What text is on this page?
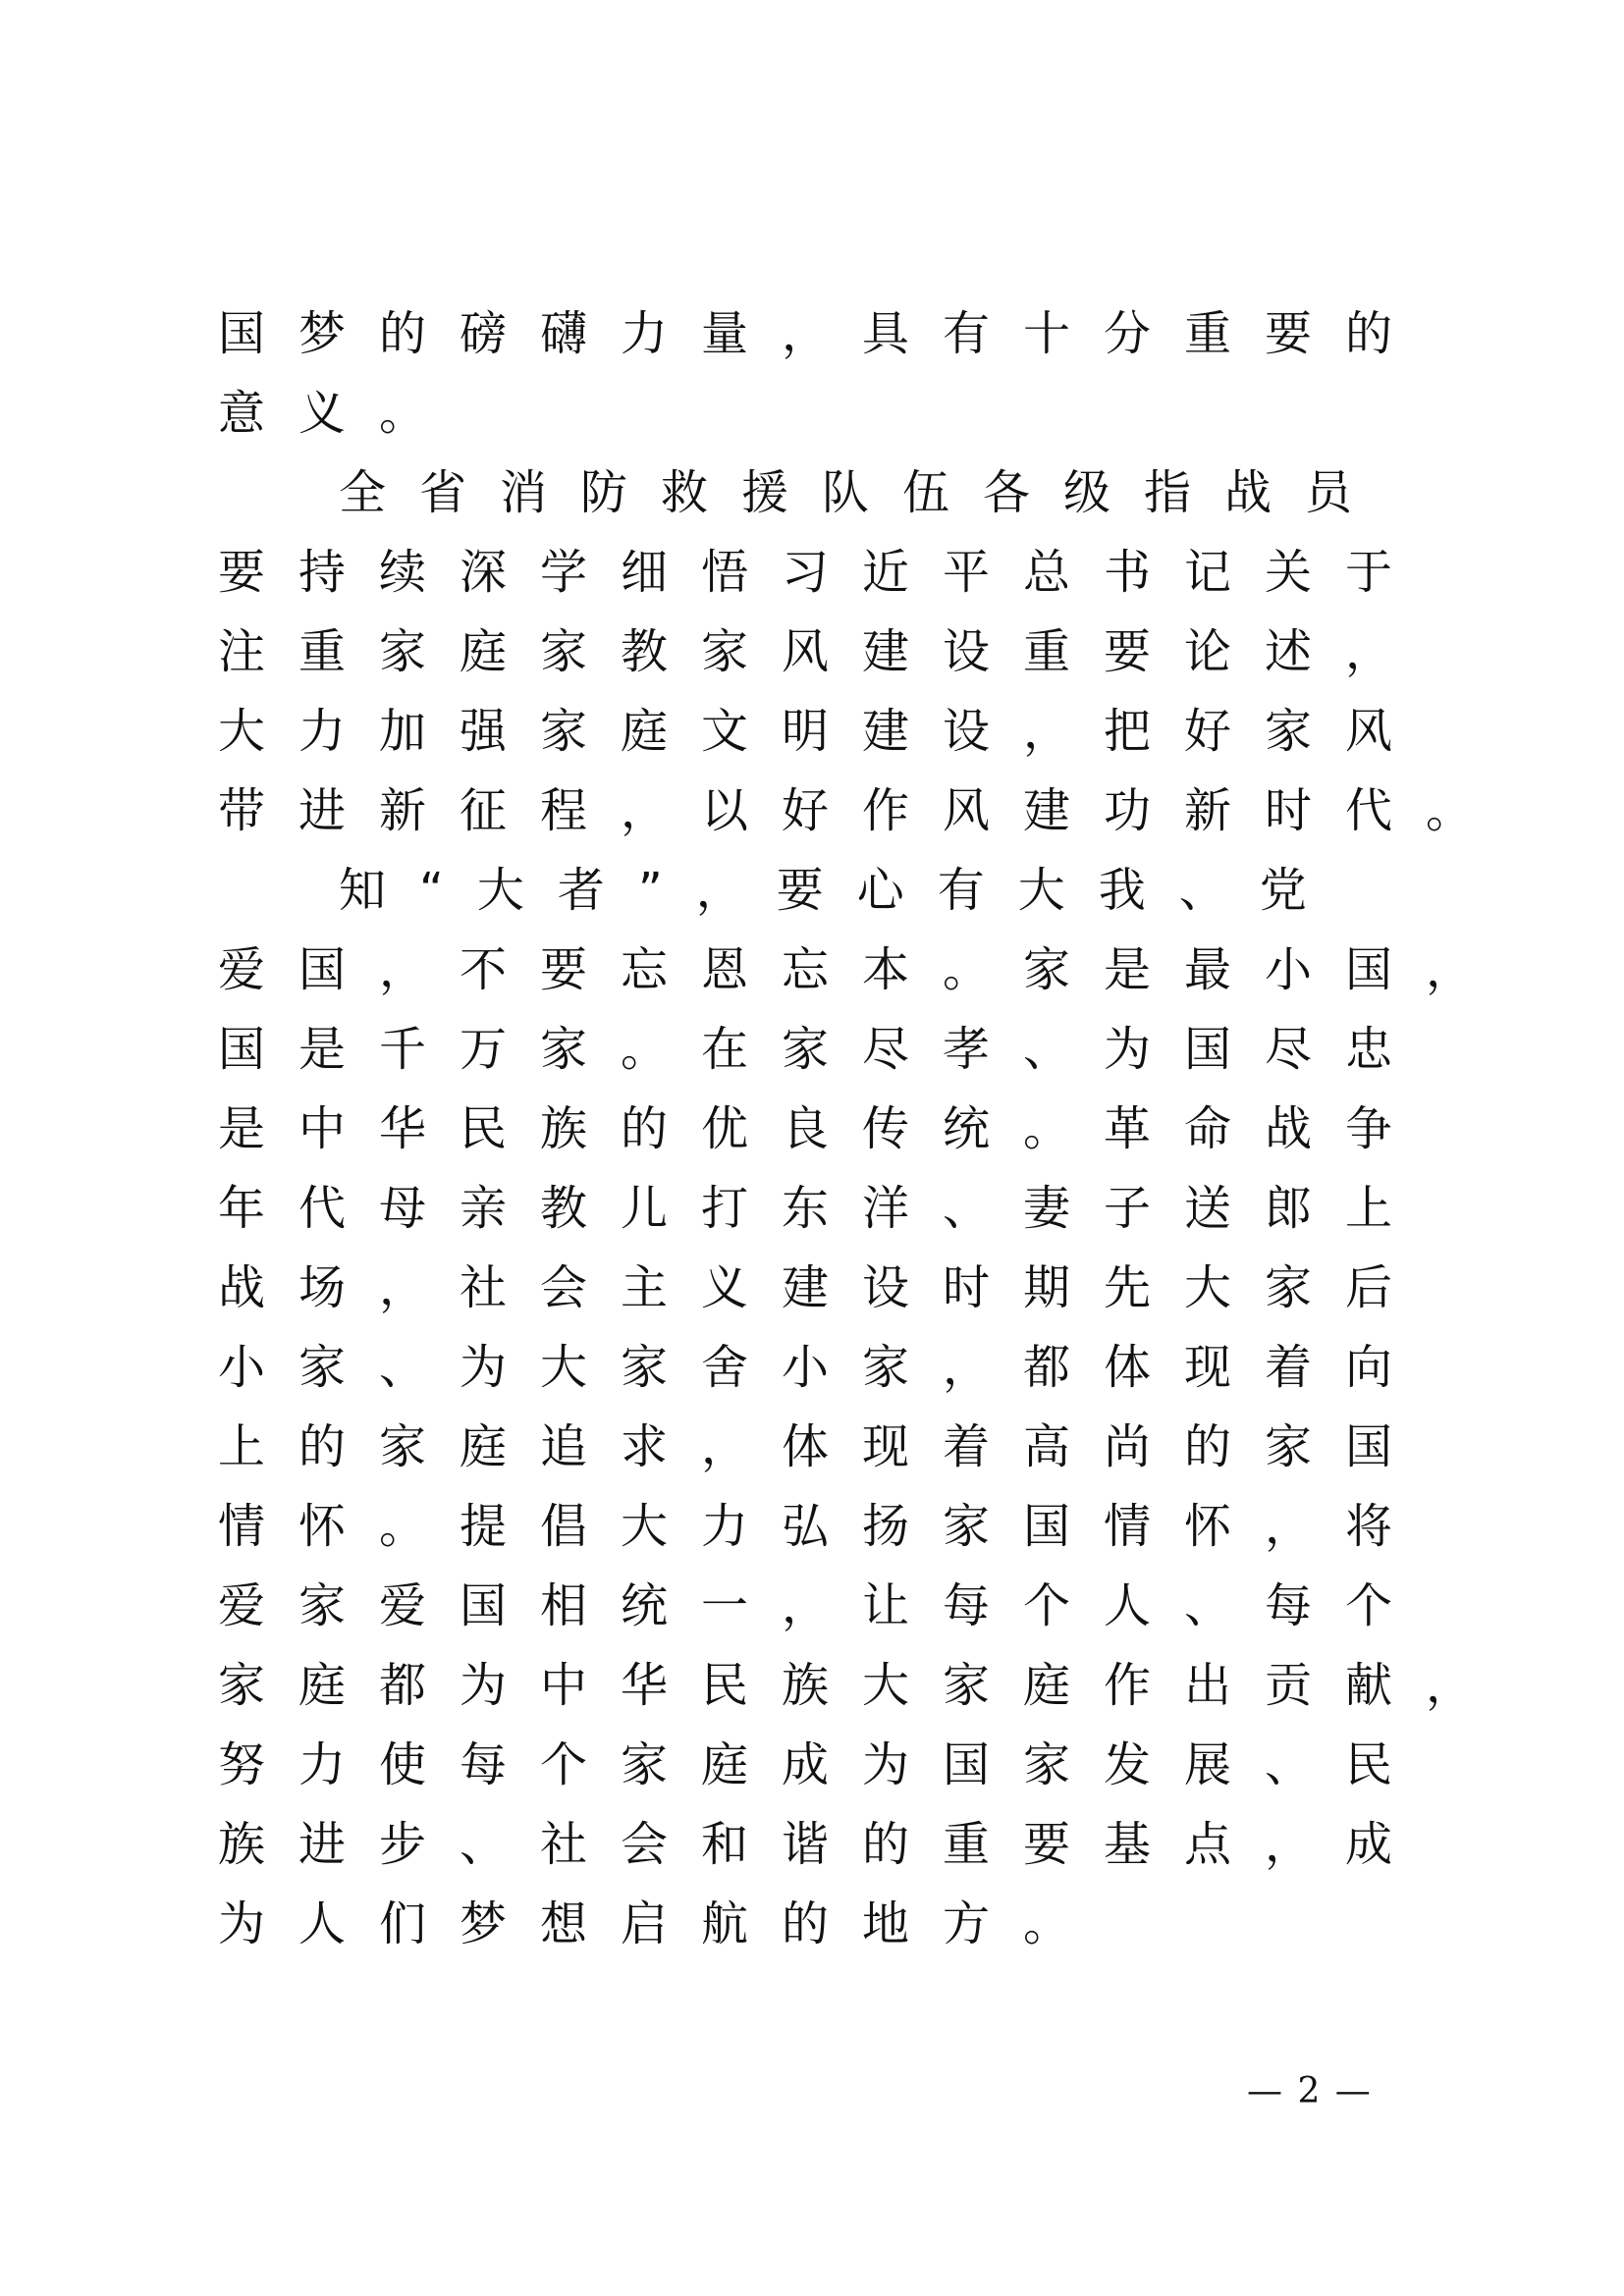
国梦的磅礴力量，具有十分重要的
意义。
全省消防救援队伍各级指战员
要持续深学细悟习近平总书记关于
注重家庭家教家风建设重要论述，
大力加强家庭文明建设，把好家风
带进新征程，以好作风建功新时代。
知“大者”，要心有大我、党
爱国，不要忘恩忘本。家是最小国，
国是千万家。在家尽孝、为国尽忠
是中华民族的优良传统。革命战争
年代母亲教儿打东洋、妻子送郎上
战场，社会主义建设时期先大家后
小家、为大家舍小家，都体现着向
上的家庭追求，体现着高尚的家国
情怀。提倡大力弘扬家国情怀，将
爱家爱国相统一，让每个人、每个
家庭都为中华民族大家庭作出贡献，
努力使每个家庭成为国家发展、民
族进步、社会和谐的重要基点，成
为人们梦想启航的地方。
— 2 —
